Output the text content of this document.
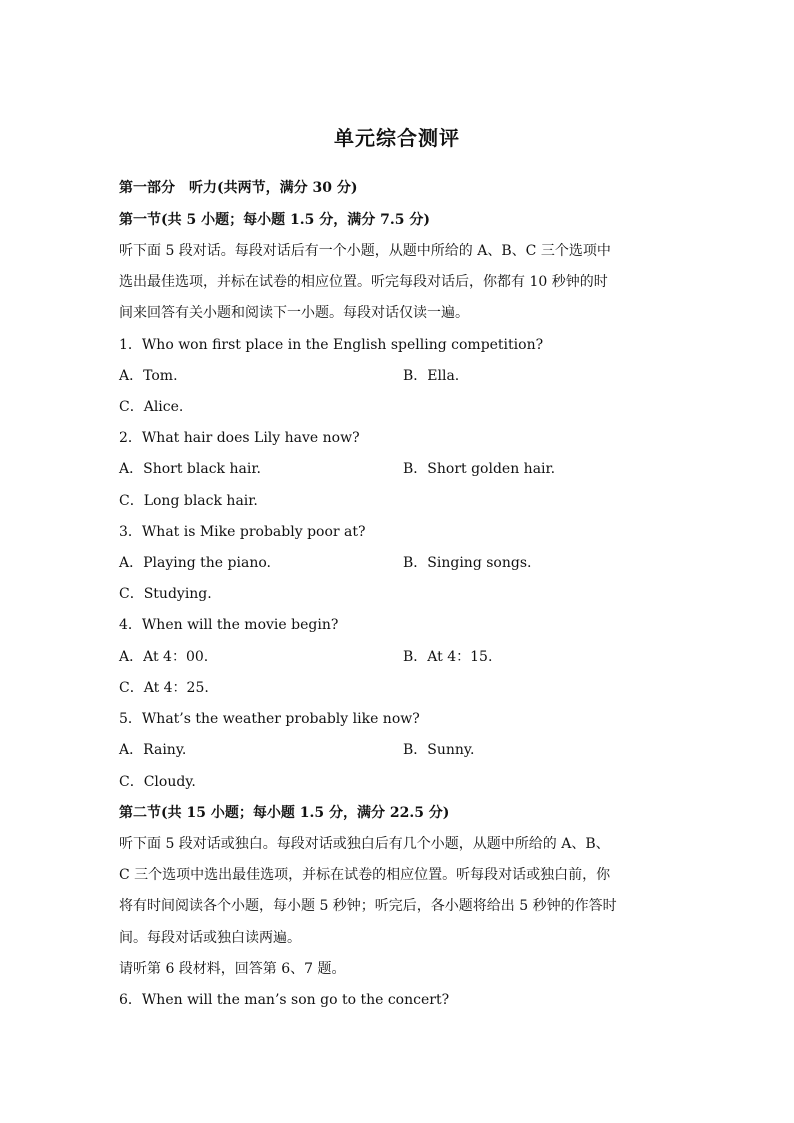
单元综合测评
第一部分　听力(共两节，满分 30 分)
第一节(共 5 小题；每小题 1.5 分，满分 7.5 分)
听下面 5 段对话。每段对话后有一个小题，从题中所给的 A、B、C 三个选项中
选出最佳选项，并标在试卷的相应位置。听完每段对话后，你都有 10 秒钟的时
间来回答有关小题和阅读下一小题。每段对话仅读一遍。
1．Who won first place in the English spelling competition?
A．Tom.	B．Ella.
C．Alice.
2．What hair does Lily have now?
A．Short black hair.	B．Short golden hair.
C．Long black hair.
3．What is Mike probably poor at?
A．Playing the piano.	B．Singing songs.
C．Studying.
4．When will the movie begin?
A．At 4：00.	B．At 4：15.
C．At 4：25.
5．What’s the weather probably like now?
A．Rainy.	B．Sunny.
C．Cloudy.
第二节(共 15 小题；每小题 1.5 分，满分 22.5 分)
听下面 5 段对话或独白。每段对话或独白后有几个小题，从题中所给的 A、B、
C 三个选项中选出最佳选项，并标在试卷的相应位置。听每段对话或独白前，你
将有时间阅读各个小题，每小题 5 秒钟；听完后，各小题将给出 5 秒钟的作答时
间。每段对话或独白读两遍。
请听第 6 段材料，回答第 6、7 题。
6．When will the man’s son go to the concert?
